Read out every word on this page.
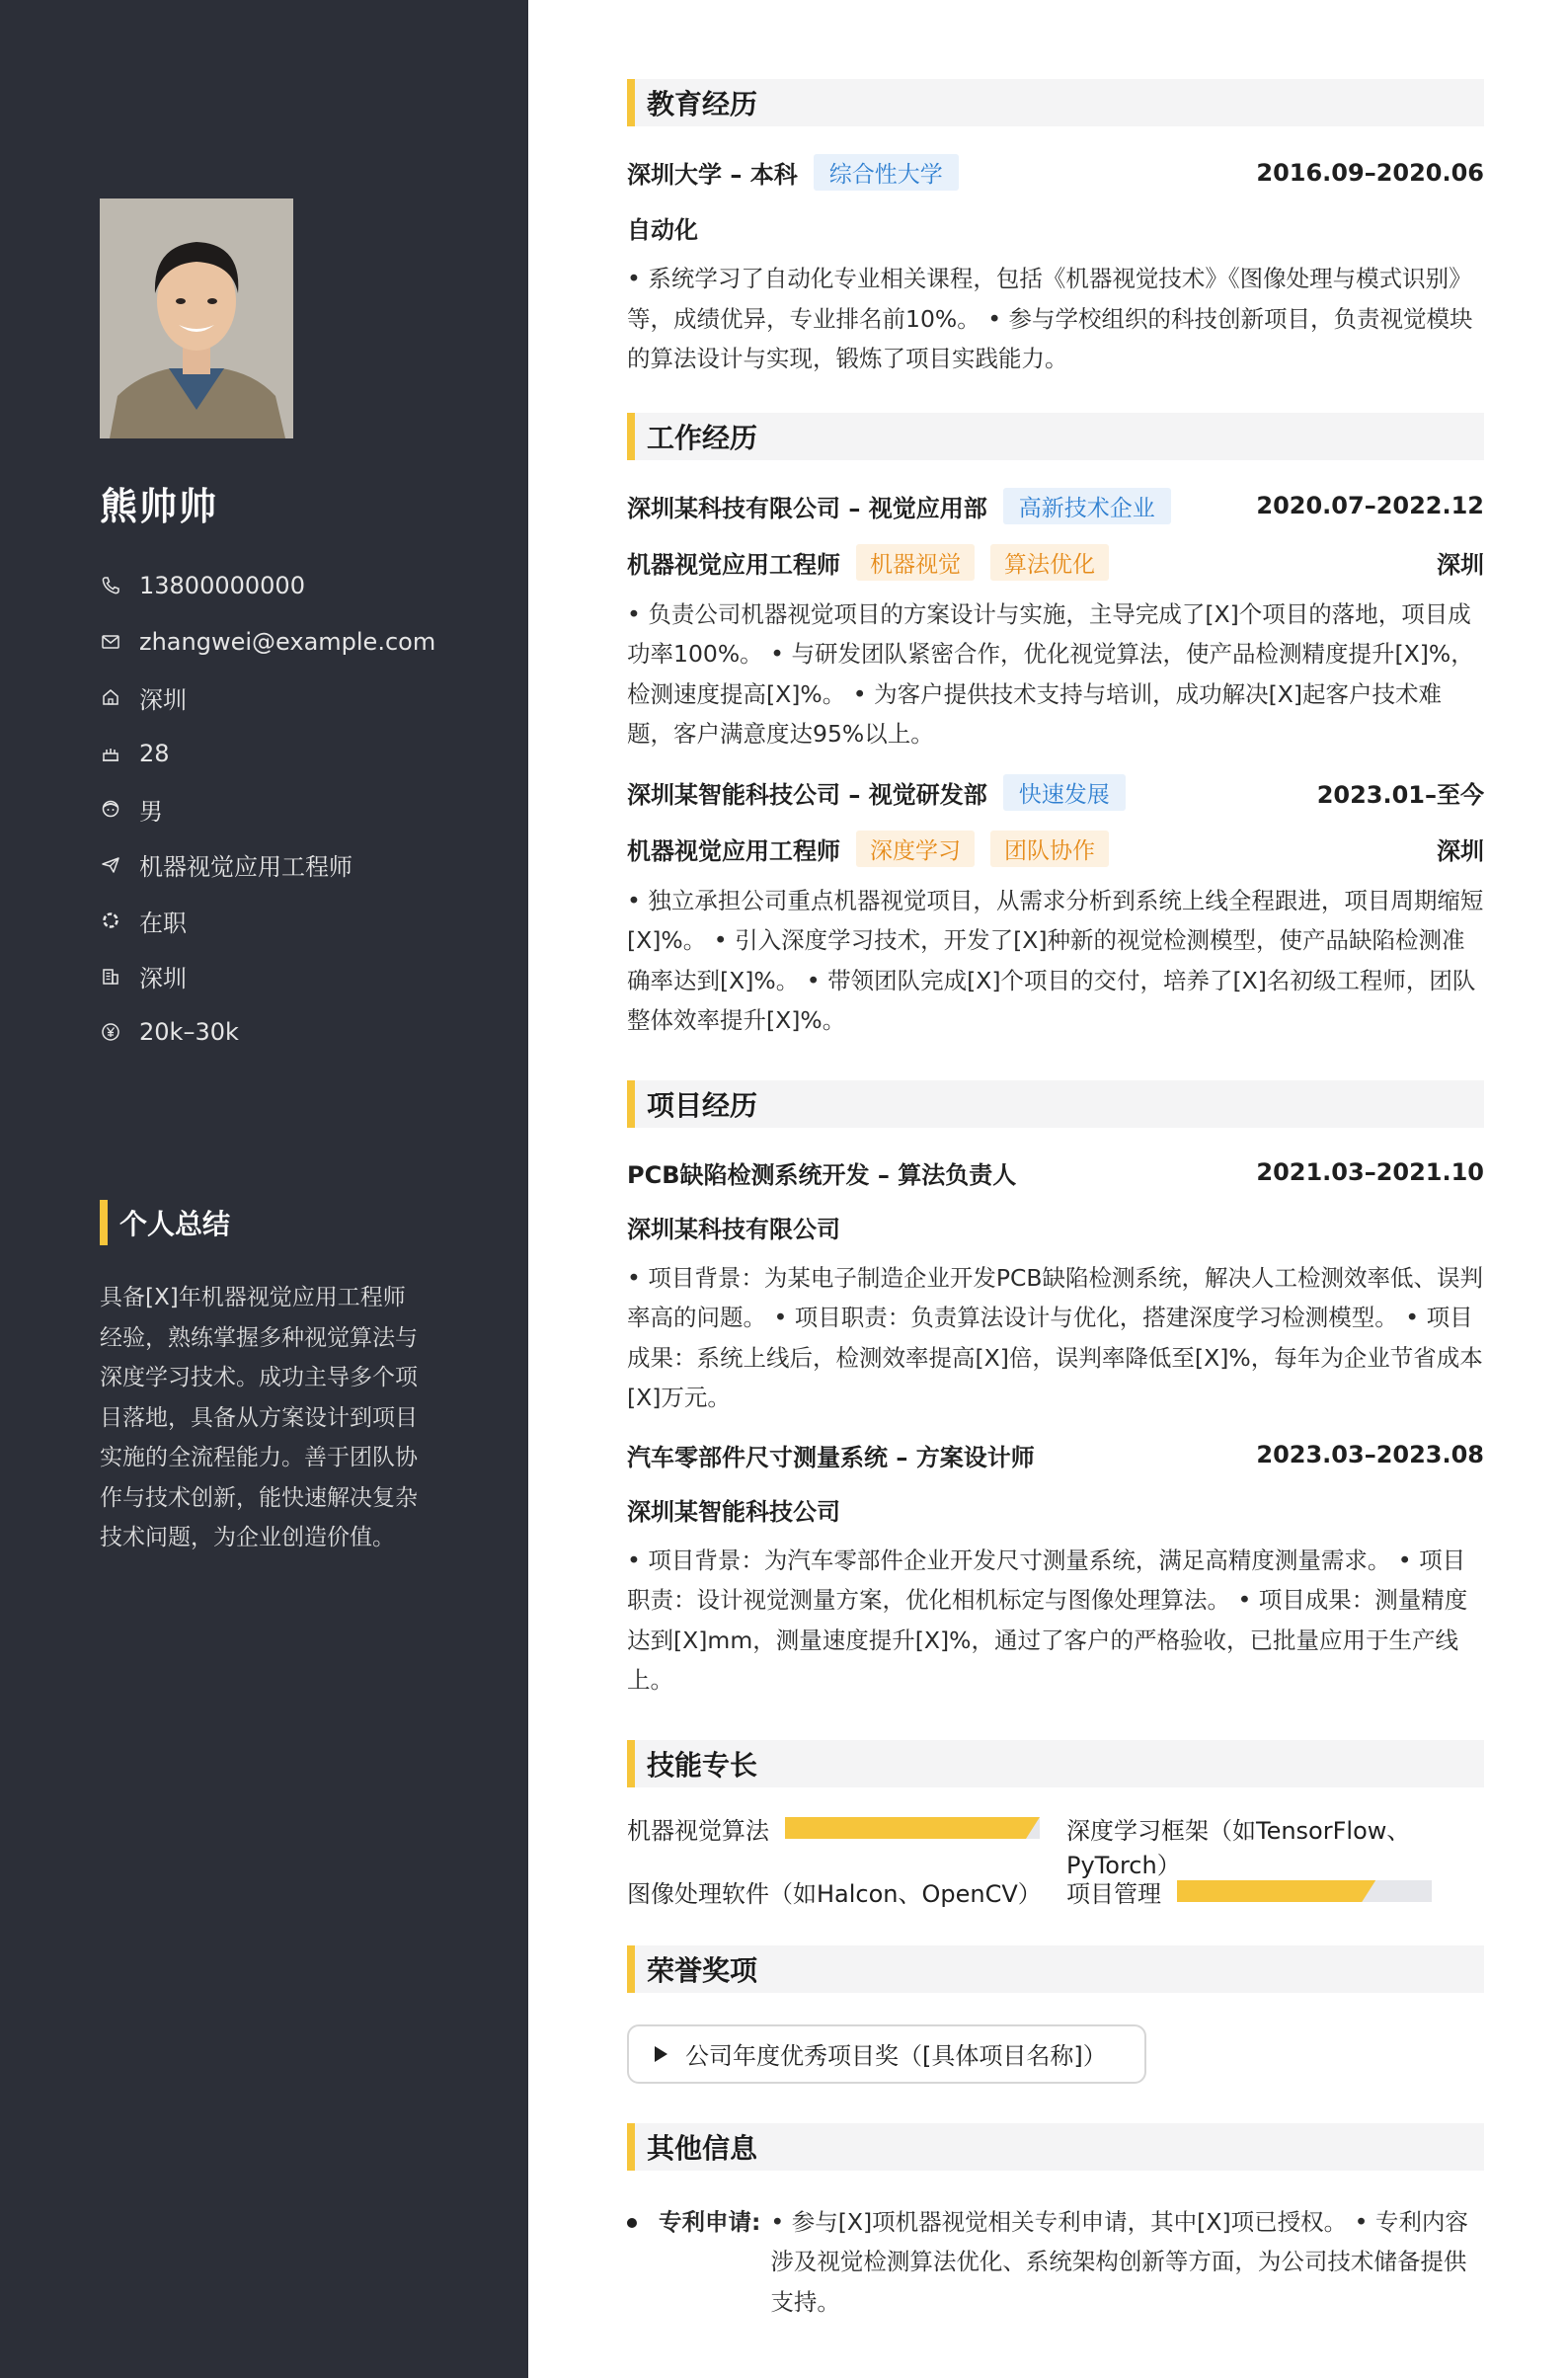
熊帅帅
13800000000
zhangwei@example.com
深圳
28
男
机器视觉应用工程师
在职
深圳
20k–30k
个人总结

具备[X]年机器视觉应用工程师经验，熟练掌握多种视觉算法与深度学习技术。成功主导多个项目落地，具备从方案设计到项目实施的全流程能力。善于团队协作与技术创新，能快速解决复杂技术问题，为企业创造价值。

教育经历
深圳大学 – 本科	综合性大学	2016.09–2020.06
自动化

• 系统学习了自动化专业相关课程，包括《机器视觉技术》《图像处理与模式识别》等，成绩优异，专业排名前10%。 • 参与学校组织的科技创新项目，负责视觉模块的算法设计与实现，锻炼了项目实践能力。

工作经历
深圳某科技有限公司 – 视觉应用部	高新技术企业	2020.07–2022.12
机器视觉应用工程师	机器视觉	算法优化	深圳

• 负责公司机器视觉项目的方案设计与实施，主导完成了[X]个项目的落地，项目成功率100%。 • 与研发团队紧密合作，优化视觉算法，使产品检测精度提升[X]%，检测速度提高[X]%。 • 为客户提供技术支持与培训，成功解决[X]起客户技术难题，客户满意度达95%以上。

深圳某智能科技公司 – 视觉研发部	快速发展	2023.01–至今
机器视觉应用工程师	深度学习	团队协作	深圳

• 独立承担公司重点机器视觉项目，从需求分析到系统上线全程跟进，项目周期缩短[X]%。 • 引入深度学习技术，开发了[X]种新的视觉检测模型，使产品缺陷检测准确率达到[X]%。 • 带领团队完成[X]个项目的交付，培养了[X]名初级工程师，团队整体效率提升[X]%。

项目经历
PCB缺陷检测系统开发 – 算法负责人	2021.03–2021.10
深圳某科技有限公司

• 项目背景：为某电子制造企业开发PCB缺陷检测系统，解决人工检测效率低、误判率高的问题。 • 项目职责：负责算法设计与优化，搭建深度学习检测模型。 • 项目成果：系统上线后，检测效率提高[X]倍，误判率降低至[X]%，每年为企业节省成本[X]万元。

汽车零部件尺寸测量系统 – 方案设计师	2023.03–2023.08
深圳某智能科技公司

• 项目背景：为汽车零部件企业开发尺寸测量系统，满足高精度测量需求。 • 项目职责：设计视觉测量方案，优化相机标定与图像处理算法。 • 项目成果：测量精度达到[X]mm，测量速度提升[X]%，通过了客户的严格验收，已批量应用于生产线上。

技能专长
机器视觉算法	深度学习框架（如TensorFlow、PyTorch）
图像处理软件（如Halcon、OpenCV） 项目管理
荣誉奖项
公司年度优秀项目奖（[具体项目名称]）
其他信息
专利申请: • 参与[X]项机器视觉相关专利申请，其中[X]项已授权。 • 专利内容涉及视觉检测算法优化、系统架构创新等方面，为公司技术储备提供支持。
